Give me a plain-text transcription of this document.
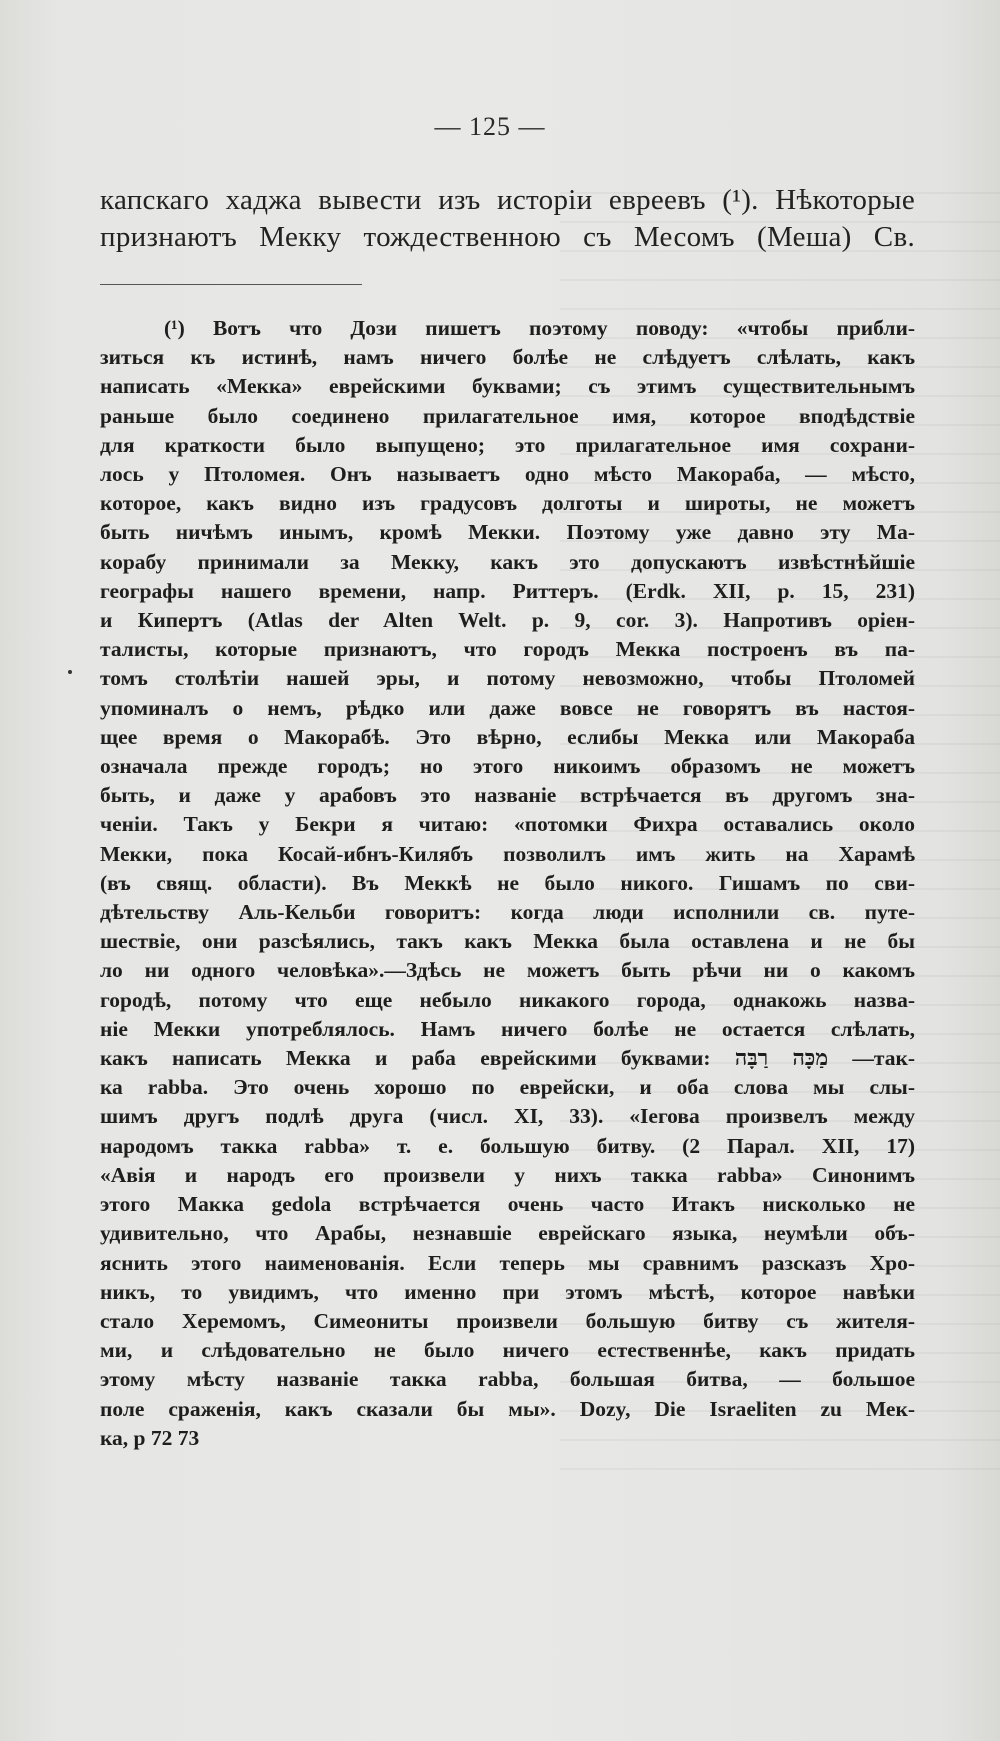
— 125 —
капскаго хаджа вывести изъ исторіи евреевъ (¹). Нѣкоторые
признаютъ Мекку тождественною съ Месомъ (Меша) Св.
(¹) Вотъ что Дози пишетъ поэтому поводу: «чтобы прибли-
зиться къ истинѣ, намъ ничего болѣе не слѣдуетъ слѣлать, какъ
написать «Мекка» еврейскими буквами; съ этимъ существительнымъ
раньше было соединено прилагательное имя, которое вподѣдствіе
для краткости было выпущено; это прилагательное имя сохрани-
лось у Птоломея. Онъ называетъ одно мѣсто Макораба, — мѣсто,
которое, какъ видно изъ градусовъ долготы и широты, не можетъ
быть ничѣмъ инымъ, кромѣ Мекки. Поэтому уже давно эту Ма-
корабу принимали за Мекку, какъ это допускаютъ извѣстнѣйшіе
географы нашего времени, напр. Риттеръ. (Erdk. XII, p. 15, 231)
и Кипертъ (Atlas der Alten Welt. p. 9, cor. 3). Напротивъ оріен-
талисты, которые признаютъ, что городъ Мекка построенъ въ па-
томъ столѣтіи нашей эры, и потому невозможно, чтобы Птоломей
упоминалъ о немъ, рѣдко или даже вовсе не говорятъ въ настоя-
щее время о Макорабѣ. Это вѣрно, еслибы Мекка или Макораба
означала прежде городъ; но этого никоимъ образомъ не можетъ
быть, и даже у арабовъ это названіе встрѣчается въ другомъ зна-
ченіи. Такъ у Бекри я читаю: «потомки Фихра оставались около
Мекки, пока Косай-ибнъ-Килябъ позволилъ имъ жить на Харамѣ
(въ свящ. области). Въ Меккѣ не было никого. Гишамъ по сви-
дѣтельству Аль-Кельби говоритъ: когда люди исполнили св. путе-
шествіе, они разсѣялись, такъ какъ Мекка была оставлена и не бы
ло ни одного человѣка».—Здѣсь не можетъ быть рѣчи ни о какомъ
городѣ, потому что еще небыло никакого города, однакожь назва-
ніе Мекки употреблялось. Намъ ничего болѣе не остается слѣлать,
какъ написать Мекка и раба еврейскими буквами: מַכָּה רַבָּה —так-
ка rabba. Это очень хорошо по еврейски, и оба слова мы слы-
шимъ другъ подлѣ друга (числ. XI, 33). «Іегова произвелъ между
народомъ такка rabba» т. е. большую битву. (2 Парал. XII, 17)
«Авія и народъ его произвели у нихъ такка rabba» Синонимъ
этого Макка gedola встрѣчается очень часто Итакъ нисколько не
удивительно, что Арабы, незнавшіе еврейскаго языка, неумѣли объ-
яснить этого наименованія. Если теперь мы сравнимъ разсказъ Хро-
никъ, то увидимъ, что именно при этомъ мѣстѣ, которое навѣки
стало Херемомъ, Симеониты произвели большую битву съ жителя-
ми, и слѣдовательно не было ничего естественнѣе, какъ придать
этому мѣсту названіе такка rabba, большая битва, — большое
поле сраженія, какъ сказали бы мы». Dozy, Die Israeliten zu Мек-
ка, p 72 73
